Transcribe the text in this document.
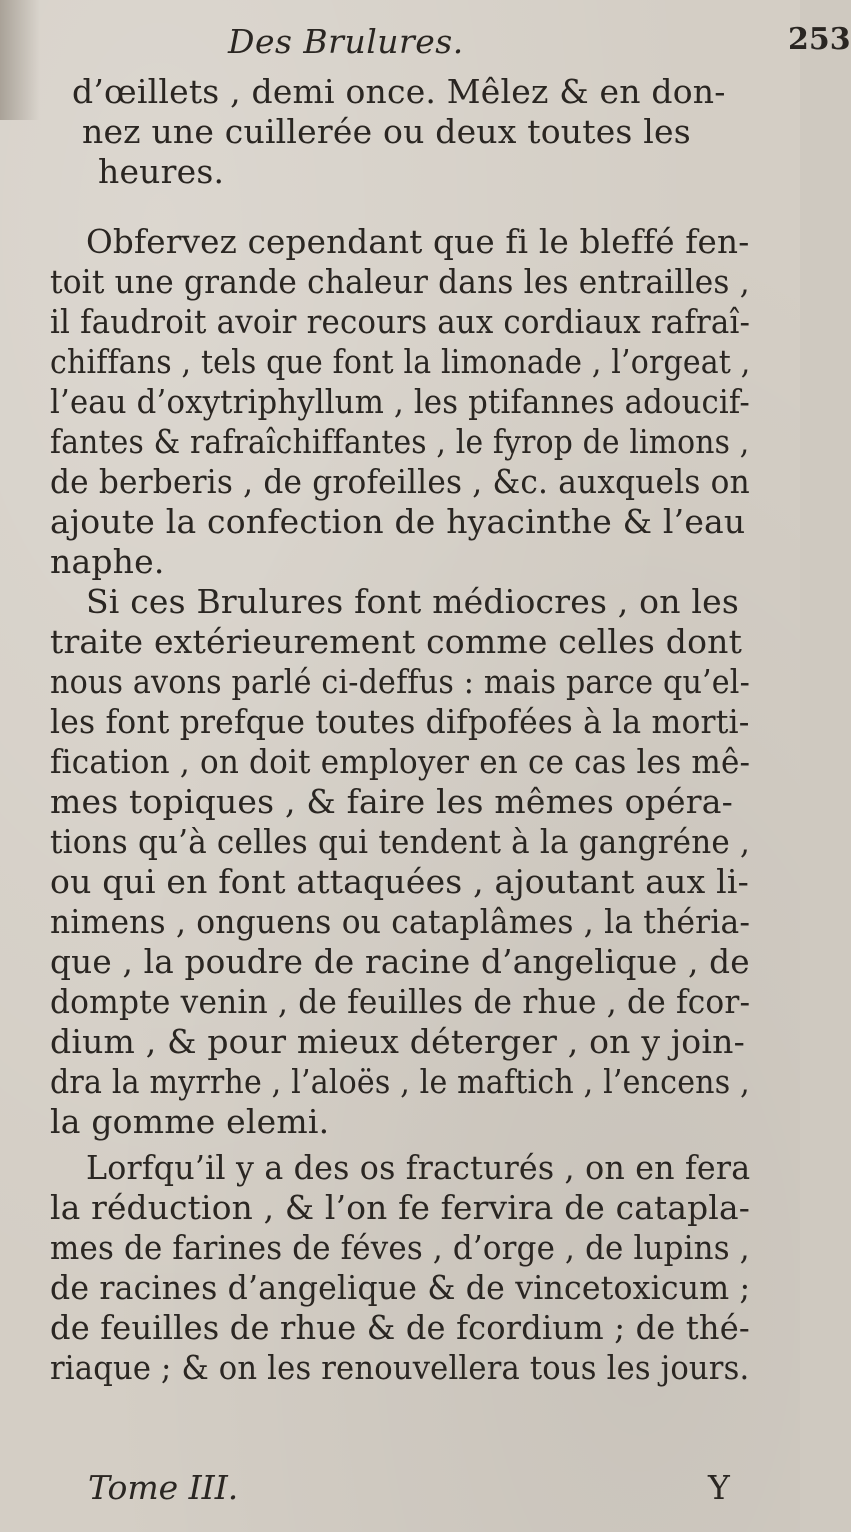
Des Brulures.	253
d’œillets , demi once. Mêlez & en don-
nez une cuillerée ou deux toutes les
heures.
Obfervez cependant que fi le bleffé fen-
toit une grande chaleur dans les entrailles ,
il faudroit avoir recours aux cordiaux rafraî-
chiffans , tels que font la limonade , l’orgeat ,
l’eau d’oxytriphyllum , les ptifannes adoucif-
fantes & rafraîchiffantes , le fyrop de limons ,
de berberis , de grofeilles , &c. auxquels on
ajoute la confection de hyacinthe & l’eau
naphe.
Si ces Brulures font médiocres , on les
traite extérieurement comme celles dont
nous avons parlé ci-deffus : mais parce qu’el-
les font prefque toutes difpofées à la morti-
fication , on doit employer en ce cas les mê-
mes topiques , & faire les mêmes opéra-
tions qu’à celles qui tendent à la gangréne ,
ou qui en font attaquées , ajoutant aux li-
nimens , onguens ou cataplâmes , la théria-
que , la poudre de racine d’angelique , de
dompte venin , de feuilles de rhue , de fcor-
dium , & pour mieux déterger , on y join-
dra la myrrhe , l’aloës , le maftich , l’encens ,
la gomme elemi.
Lorfqu’il y a des os fracturés , on en fera
la réduction , & l’on fe fervira de catapla-
mes de farines de féves , d’orge , de lupins ,
de racines d’angelique & de vincetoxicum ;
de feuilles de rhue & de fcordium ; de thé-
riaque ; & on les renouvellera tous les jours.
Tome III.	Y
